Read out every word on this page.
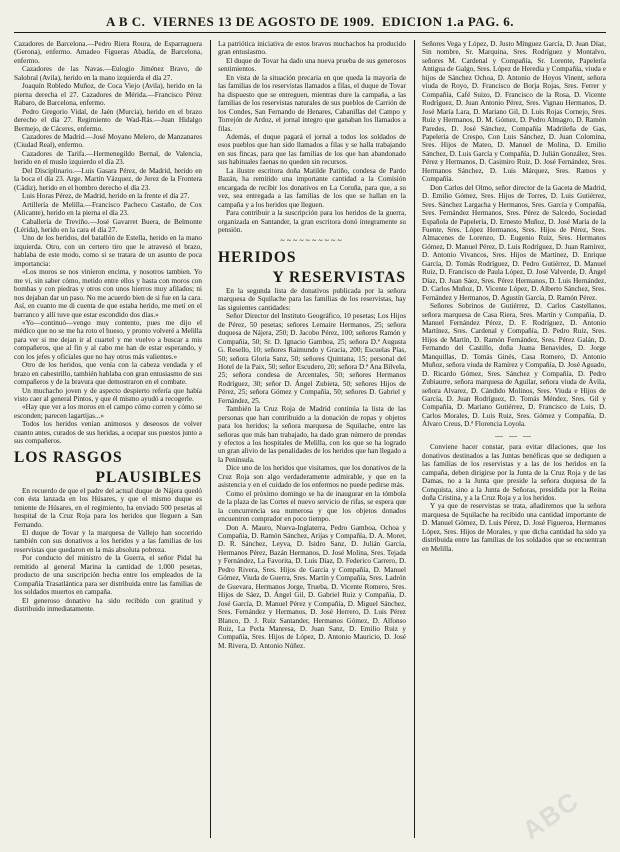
A B C.
VIERNES 13 DE AGOSTO DE 1909.
EDICION 1.a PAG. 6.

Cazadores de Barcelona.—Pedro Riera Roura, de Esparraguera (Gerona), enfermo. Amadeo Figueras Abadía, de Barcelona, enfermo.

Cazadores de las Navas.—Eulogio Jiménez Bravo, de Salobral (Avila), herido en la mano izquierda el día 27.

Joaquín Robledo Muñoz, de Coca Viejo (Avila), herido en la pierna derecha el 27. Cazadores de Mérida.—Francisco Pérez Rabaro, de Barcelona, enfermo.

Pedro Gregorio Vidal, de Jaén (Murcia), herido en el brazo derecho el día 27. Regimiento de Wad-Rás.—Juan Hidalgo Bermejo, de Cáceres, enfermo.

Cazadores de Madrid.—José Moyano Melero, de Manzanares (Ciudad Real), enfermo.

Cazadores de Tarifa.—Hermenegildo Bernal, de Valencia, herido en el muslo izquierdo el día 23.

Del Disciplinario.—Luis Gasara Pérez, de Madrid, herido en la boca el día 23. Arge. Martín Vázquez, de Jerez de la Frontera (Cádiz), herido en el hombro derecho el día 23.

Luis Horas Pérez, de Madrid, herido en la frente el día 27.

Artillería de Melilla.—Francisco Pacheco Castaño, de Cox (Alicante), herido en la pierna el día 23.

Caballería de Treviño.—José Gavarret Buera, de Belmonte (Lérida), herido en la cara el día 27.

Uno de los heridos, del batallón de Estella, herido en la mano izquierda. Otro, con un certero tiro que le atravesó el brazo, hablaba de este modo, como si se tratara de un asunto de poca importancia:

«Los moros se nos vinieron encima, y nosotros tambien. Yo me vi, sin saber cómo, metido entre ellos y hasta con moros con bombas y con piedras y otros con unos hierros muy afilados; ni nos dejaban dar un paso. No me acuerdo bien de si fue en la cara. Así, en cuanto me di cuenta de que estaba herido, me metí en el barranco y allí tuve que estar escondido dos días.»

«Yo—continuó—vengo muy contento, pues me dijo el médico que no se me ha roto el hueso, y pronto volveré a Melilla para ver si me dejan ir al cuartel y me vuelvo a buscar a mis compañeros, que al fin y al cabo me han de estar esperando, y con los jefes y oficiales que no hay otros más valientes.»

Otro de los heridos, que venía con la cabeza vendada y el brazo en cabestrillo, también hablaba con gran entusiasmo de sus compañeros y de la bravura que demostraron en el combate.

Un muchacho joven y de aspecto despierto refería que había visto caer al general Pintos, y que él mismo ayudó a recogerle.

«Hay que ver a los moros en el campo cómo corren y cómo se esconden; parecen lagartijas...»

Todos los heridos venían animosos y deseosos de volver cuanto antes, curados de sus heridas, a ocupar sus puestos junto a sus compañeros.

LOS RASGOS
PLAUSIBLES

En recuerdo de que el padre del actual duque de Nájera quedó con ésta lanzada en los Húsares, y que el mismo duque es teniente de Húsares, en el regimiento, ha enviado 500 pesetas al hospital de la Cruz Roja para los heridos que lleguen a San Fernando.

El duque de Tovar y la marquesa de Vallejo han socorrido también con sus donativos a los heridos y a las familias de los reservistas que quedaron en la más absoluta pobreza.

Por conducto del ministro de la Guerra, el señor Pidal ha remitido al general Marina la cantidad de 1.000 pesetas, producto de una suscripción hecha entre los empleados de la Compañía Trasatlántica para ser distribuida entre las familias de los soldados muertos en campaña.

El generoso donativo ha sido recibido con gratitud y distribuido inmediatamente.

La patriótica iniciativa de estos bravos muchachos ha producido gran entusiasmo.

El duque de Tovar ha dado una nueva prueba de sus generosos sentimientos.

En vista de la situación precaria en que queda la mayoría de las familias de los reservistas llamados a filas, el duque de Tovar ha dispuesto que se entreguen, mientras dure la campaña, a las familias de los reservistas naturales de sus pueblos de Carrión de los Condes, San Fernando de Henares, Cabanillas del Campo y Torrejón de Ardoz, el jornal íntegro que ganaban los llamados a filas.

Además, el duque pagará el jornal a todos los soldados de esos pueblos que han sido llamados a filas y se halla trabajando en sus fincas, para que las familias de los que han abandonado sus habituales faenas no queden sin recursos.

La ilustre escritora doña Matilde Patiño, condesa de Pardo Bazán, ha remitido una importante cantidad a la Comisión encargada de recibir los donativos en La Coruña, para que, a su vez, sea entregada a las familias de los que se hallan en la campaña y a los heridos que lleguen.

Para contribuir a la suscripción para los heridos de la guerra, organizada en Santander, la gran escritora donó íntegramente su pensión.

~~~~~~~~~~
HERIDOS
Y RESERVISTAS

En la segunda lista de donativos publicada por la señora marquesa de Squilache para las familias de los reservistas, hay las siguientes cantidades:

Señor Director del Instituto Geográfico, 10 pesetas; Los Hijos de Pérez, 50 pesetas; señores Lemaire Hermanos, 25; señora duquesa de Nájera, 250; D. Jacobo Pérez, 100; señores Ramón y Compañía, 50; Sr. D. Ignacio Gamboa, 25; señora D.ª Augusta G. Resello, 10; señores Raimundo y Gracia, 200; Escuelas Pías, 50; señora Gloria Sanz, 50; señores Quintana, 15; personal del Hotel de la Paix, 50; señor Escudero, 20; señora D.ª Ana Bilvela, 25; señora condesa de Arcentales, 50; señores Hermanos Rodríguez, 30; señor D. Ángel Zubieta, 50; señores Hijos de Pérez, 25; señora Gómez y Compañía, 50; señores D. Gabriel y Fernández, 25.

También la Cruz Roja de Madrid continúa la lista de las personas que han contribuido a la donación de ropas y objetos para los heridos; la señora marquesa de Squilache, entre las señoras que más han trabajado, ha dado gran número de prendas y efectos a los hospitales de Melilla, con los que se ha logrado un gran alivio de las penalidades de los heridos que han llegado a la Península.

Dice uno de los heridos que visitamos, que los donativos de la Cruz Roja son algo verdaderamente admirable, y que en la asistencia y en el cuidado de los enfermos no puede pedirse más.

Como el próximo domingo se ha de inaugurar en la tómbola de la plaza de las Cortes el nuevo servicio de rifas, se espera que la concurrencia sea numerosa y que los objetos donados encuentren comprador en poco tiempo.

Don A. Mauro, Nueva-Inglaterra, Pedro Gamboa, Ochoa y Compañía, D. Ramón Sánchez, Arijas y Compañía, D. A. Moret, D. R. Sánchez, Leyva, D. Isidro Sanz, D. Julián García, Hermanos Pérez, Bazán Hermanos, D. José Molina, Sres. Tejada y Fernández, La Favorita, D. Luis Díaz, D. Federico Carrero, D. Pedro Rivera, Sres. Hijos de García y Compañía, D. Manuel Gómez, Viuda de Guerra, Sres. Martín y Compañía, Sres. Ladrón de Guevara, Hermanos Jorge, Trueba, D. Vicente Romero, Sres. Hijos de Sáez, D. Ángel Gil, D. Gabriel Ruiz y Compañía, D. José García, D. Manuel Pérez y Compañía, D. Miguel Sánchez, Sres. Fernández y Hermanos, D. José Herrero, D. Luis Pérez Blanco, D. J. Ruiz Santander, Hermanos Gómez, D. Alfonso Ruiz, La Perla Manresa, D. Juan Sanz, D. Emilio Ruiz y Compañía, Sres. Hijos de López, D. Antonio Mauricio, D. José M. Rivera, D. Antonio Núñez.

Señores Vega y López, D. Justo Mínguez García, D. Juan Díaz, Sin nombre, Sr. Marquina, Sres. Rodríguez y Montalvo, señores M. Cardenal y Compañía, Sr. Lorente, Papelería Antigua de Galgo, Sres. López de Heredia y Compañía, viuda e hijos de Sánchez Ochoa, D. Antonio de Hoyos Vinent, señora viuda de Royo, D. Francisco de Borja Rojas, Sres. Ferrer y Compañía, Café Suizo, D. Francisco de la Rosa, D. Vicente Rodríguez, D. Juan Antonio Pérez, Sres. Vignau Hermanos, D. José María Lara, D. Mariano Gil, D. Luis Rojas Cornejo, Sres. Ruiz y Hermanos, D. M. Gómez, D. Pedro Almagro, D. Ramón Paredes, D. José Sánchez, Compañía Madrileña de Gas, Papelería de Crespo, Con Luis Sánchez, D. Juan Colomina, Sres. Hijos de Mateo, D. Manuel de Molina, D. Emilio Sánchez, D. Luis García y Compañía, D. Julián González, Sres. Pérez y Hermanos, D. Casimiro Ruiz, D. José Fernández, Sres. Hermanos Sánchez, D. Luis Márquez, Sres. Ramos y Compañía.

Don Carlos del Olmo, señor director de la Gaceta de Madrid, D. Emilio Gómez, Sres. Hijos de Torres, D. Luis Gutiérrez, Sres. Sánchez Largacha y Hermanos, Sres. García y Compañía, Sres. Fernández Hermanos, Sres. Pérez de Salcedo, Sociedad Española de Papelería, D. Ernesto Muñoz, D. José María de la Fuente, Sres. López Hermanos, Sres. Hijos de Pérez, Sres. Almacenes de Lorenzo, D. Eugenio Ruiz, Sres. Hermanos Gómez, D. Manuel Pérez, D. Luis Rodríguez, D. Juan Ramírez, D. Antonio Vivancos, Sres. Hijos de Martínez, D. Enrique García, D. Tomás Rodríguez, D. Pedro Gutiérrez, D. Manuel Ruiz, D. Francisco de Paula López, D. José Valverde, D. Ángel Díaz, D. Juan Sáez, Sres. Pérez Hermanos, D. Luis Hernández, D. Carlos Muñoz, D. Vicente López, D. Alberto Sánchez, Sres. Fernández y Hermanos, D. Agustín García, D. Ramón Pérez.

Señores Sobrinos de Gutiérrez, D. Carlos Castellanos, señora marquesa de Casa Riera, Sres. Martín y Compañía, D. Manuel Fernández Pérez, D. F. Rodríguez, D. Antonio Martínez, Sres. Cardenal y Compañía, D. Pedro Ruiz, Sres. Hijos de Martín, D. Ramón Fernández, Sres. Pérez Galán, D. Fernando del Castillo, doña Juana Benavides, D. Jorge Manquillas, D. Tomás Ginés, Casa Romero, D. Antonio Muñoz, señora viuda de Ramírez y Compañía, D. José Aguado, D. Ricardo Gómez, Sres. Sánchez y Compañía, D. Pedro Zubiaurre, señora marquesa de Aguilar, señora viuda de Ávila, señora Alvarez, D. Cándido Molinos, Sres. Viuda e Hijos de García, D. Juan Rodríguez, D. Tomás Méndez, Sres. Gil y Compañía, D. Mariano Gutiérrez, D. Francisco de Luis, D. Carlos Morales, D. Luis Ruiz, Sres. Gómez y Compañía, D. Álvaro Creus, D.ª Florencia Loyola.

— — —

Conviene hacer constar, para evitar dilaciones, que los donativos destinados a las Juntas benéficas que se dediquen a las familias de los reservistas y a las de los heridos en la campaña, deben dirigirse por la Junta de la Cruz Roja y de las Damas, no a la Junta que preside la señora duquesa de la Conquista, sino a la Junta de Señoras, presidida por la Reina doña Cristina, y a la Cruz Roja y a los heridos.

Y ya que de reservistas se trata, añadiremos que la señora marquesa de Squilache ha recibido una cantidad importante de D. Manuel Gómez, D. Luis Pérez, D. José Figueroa, Hermanos López, Sres. Hijos de Morales, y que dicha cantidad ha sido ya distribuida entre las familias de los soldados que se encuentran en Melilla.

ABC
